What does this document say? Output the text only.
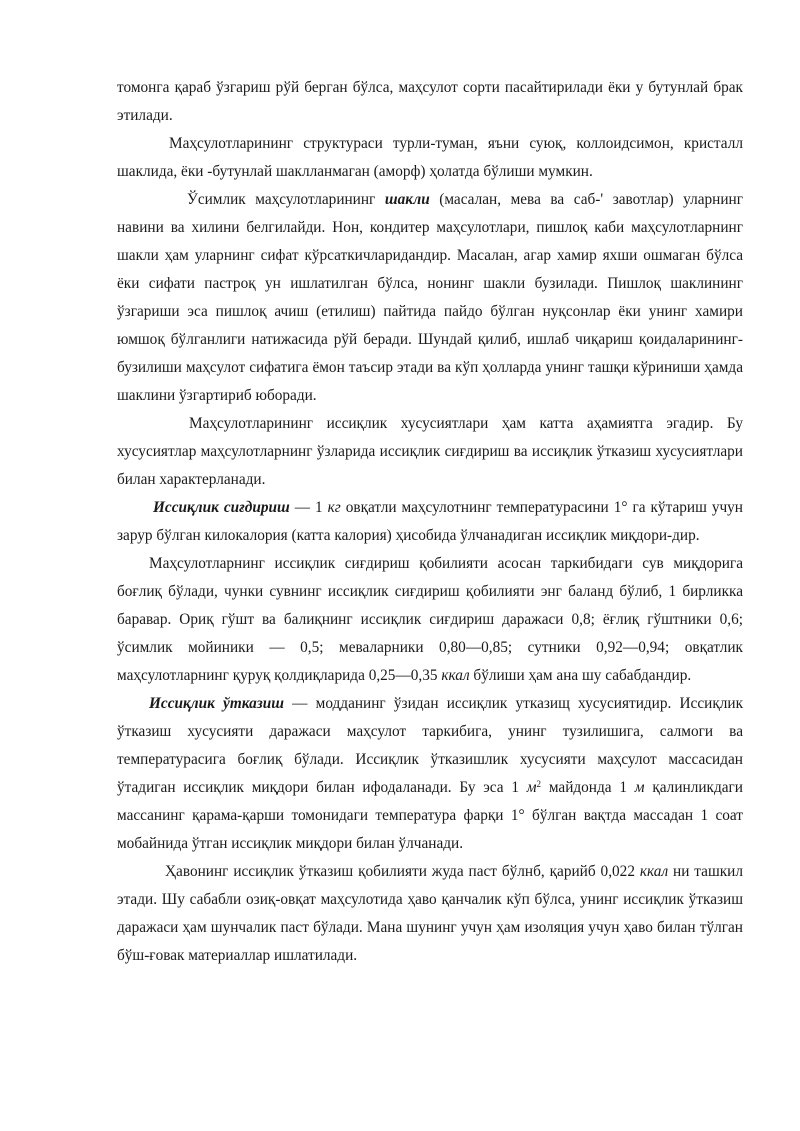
томонга қараб ўзгариш рўй берган бўлса, маҳсулот сорти пасайтирилади ёки у бутунлай брак этилади.

Маҳсулотларининг структураси турли-туман, яъни суюқ, коллоидсимон, кристалл шаклида, ёки -бутунлай шаклланмаган (аморф) ҳолатда бўлиши мумкин.

Ўсимлик маҳсулотларининг шакли (масалан, мева ва саб-' завотлар) уларнинг навини ва хилини белгилайди. Нон, кондитер маҳсулотлари, пишлоқ каби маҳсулотларнинг шакли ҳам уларнинг сифат кўрсаткичларидандир. Масалан, агар хамир яхши ошмаган бўлса ёки сифати пастроқ ун ишлатилган бўлса, нонинг шакли бузилади. Пишлоқ шаклининг ўзгариши эса пишлоқ ачиш (етилиш) пайтида пайдо бўлган нуқсонлар ёки унинг хамири юмшоқ бўлганлиги натижасида рўй беради. Шундай қилиб, ишлаб чиқариш қоидаларининг-бузилиши маҳсулот сифатига ёмон таъсир этади ва кўп ҳолларда унинг ташқи кўриниши ҳамда шаклини ўзгартириб юборади.

Маҳсулотларининг иссиқлик хусусиятлари ҳам катта аҳамиятга эгадир. Бу хусусиятлар маҳсулотларнинг ўзларида иссиқлик сиғдириш ва иссиқлик ўтказиш хусусиятлари билан характерланади.

Иссиқлик сиғдириш — 1 кг овқатли маҳсулотнинг температурасини 1° га кўтариш учун зарур бўлган килокалория (катта калория) ҳисобида ўлчанадиган иссиқлик миқдори-дир.

Маҳсулотларнинг иссиқлик сиғдириш қобилияти асосан таркибидаги сув миқдорига боғлиқ бўлади, чунки сувнинг иссиқлик сиғдириш қобилияти энг баланд бўлиб, 1 бирликка баравар. Ориқ гўшт ва балиқнинг иссиқлик сиғдириш даражаси 0,8; ёғлиқ гўштники 0,6; ўсимлик мойиники — 0,5; меваларники 0,80—0,85; сутники 0,92—0,94; овқатлик маҳсулотларнинг қуруқ қолдиқларида 0,25—0,35 ккал бўлиши ҳам ана шу сабабдандир.

Иссиқлик ўтказиш — модданинг ўзидан иссиқлик утказищ хусусиятидир. Иссиқлик ўтказиш хусусияти даражаси маҳсулот таркибига, унинг тузилишига, салмоги ва температурасига боғлиқ бўлади. Иссиқлик ўтказишлик хусусияти маҳсулот массасидан ўтадиган иссиқлик миқдори билан ифодаланади. Бу эса 1 $м^2$ майдонда 1 м қалинликдаги массанинг қарама-қарши томонидаги температура фарқи 1° бўлган вақтда массадан 1 соат мобайнида ўтган иссиқлик миқдори билан ўлчанади.

Ҳавонинг иссиқлик ўтказиш қобилияти жуда паст бўлнб, қарийб 0,022 ккал ни ташкил этади. Шу сабабли озиқ-овқат маҳсулотида ҳаво қанчалик кўп бўлса, унинг иссиқлик ўтказиш даражаси ҳам шунчалик паст бўлади. Мана шунинг учун ҳам изоляция учун ҳаво билан тўлган бўш-ғовак материаллар ишлатилади.
